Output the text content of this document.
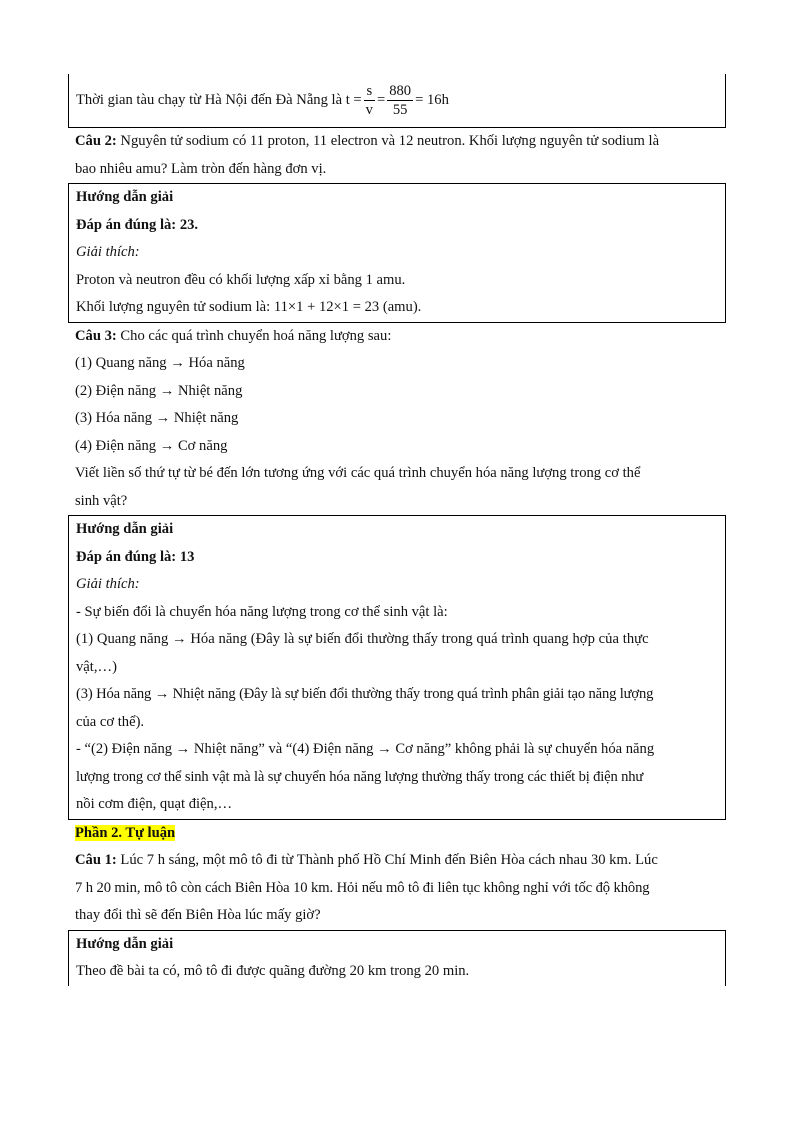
Thời gian tàu chạy từ Hà Nội đến Đà Nẵng là
$t = \frac{s}{v} = \frac{880}{55} = 16h$

Câu 2: Nguyên tử sodium có 11 proton, 11 electron và 12 neutron. Khối lượng nguyên tử sodium là

bao nhiêu amu? Làm tròn đến hàng đơn vị.

Hướng dẫn giải

Đáp án đúng là: 23.

Giải thích:

Proton và neutron đều có khối lượng xấp xỉ bằng 1 amu.

Khối lượng nguyên tử sodium là: 11×1 + 12×1 = 23 (amu).

Câu 3: Cho các quá trình chuyển hoá năng lượng sau:

(1) Quang năng → Hóa năng

(2) Điện năng → Nhiệt năng

(3) Hóa năng → Nhiệt năng

(4) Điện năng → Cơ năng

Viết liền số thứ tự từ bé đến lớn tương ứng với các quá trình chuyển hóa năng lượng trong cơ thể

sinh vật?

Hướng dẫn giải

Đáp án đúng là: 13

Giải thích:

- Sự biến đổi là chuyển hóa năng lượng trong cơ thể sinh vật là:

(1) Quang năng → Hóa năng (Đây là sự biến đổi thường thấy trong quá trình quang hợp của thực

vật,…)

(3) Hóa năng → Nhiệt năng (Đây là sự biến đổi thường thấy trong quá trình phân giải tạo năng lượng

của cơ thể).

- “(2) Điện năng → Nhiệt năng” và “(4) Điện năng → Cơ năng” không phải là sự chuyển hóa năng

lượng trong cơ thể sinh vật mà là sự chuyển hóa năng lượng thường thấy trong các thiết bị điện như

nồi cơm điện, quạt điện,…

Phần 2. Tự luận

Câu 1: Lúc 7 h sáng, một mô tô đi từ Thành phố Hồ Chí Minh đến Biên Hòa cách nhau 30 km. Lúc

7 h 20 min, mô tô còn cách Biên Hòa 10 km. Hỏi nếu mô tô đi liên tục không nghỉ với tốc độ không

thay đổi thì sẽ đến Biên Hòa lúc mấy giờ?

Hướng dẫn giải

Theo đề bài ta có, mô tô đi được quãng đường 20 km trong 20 min.
